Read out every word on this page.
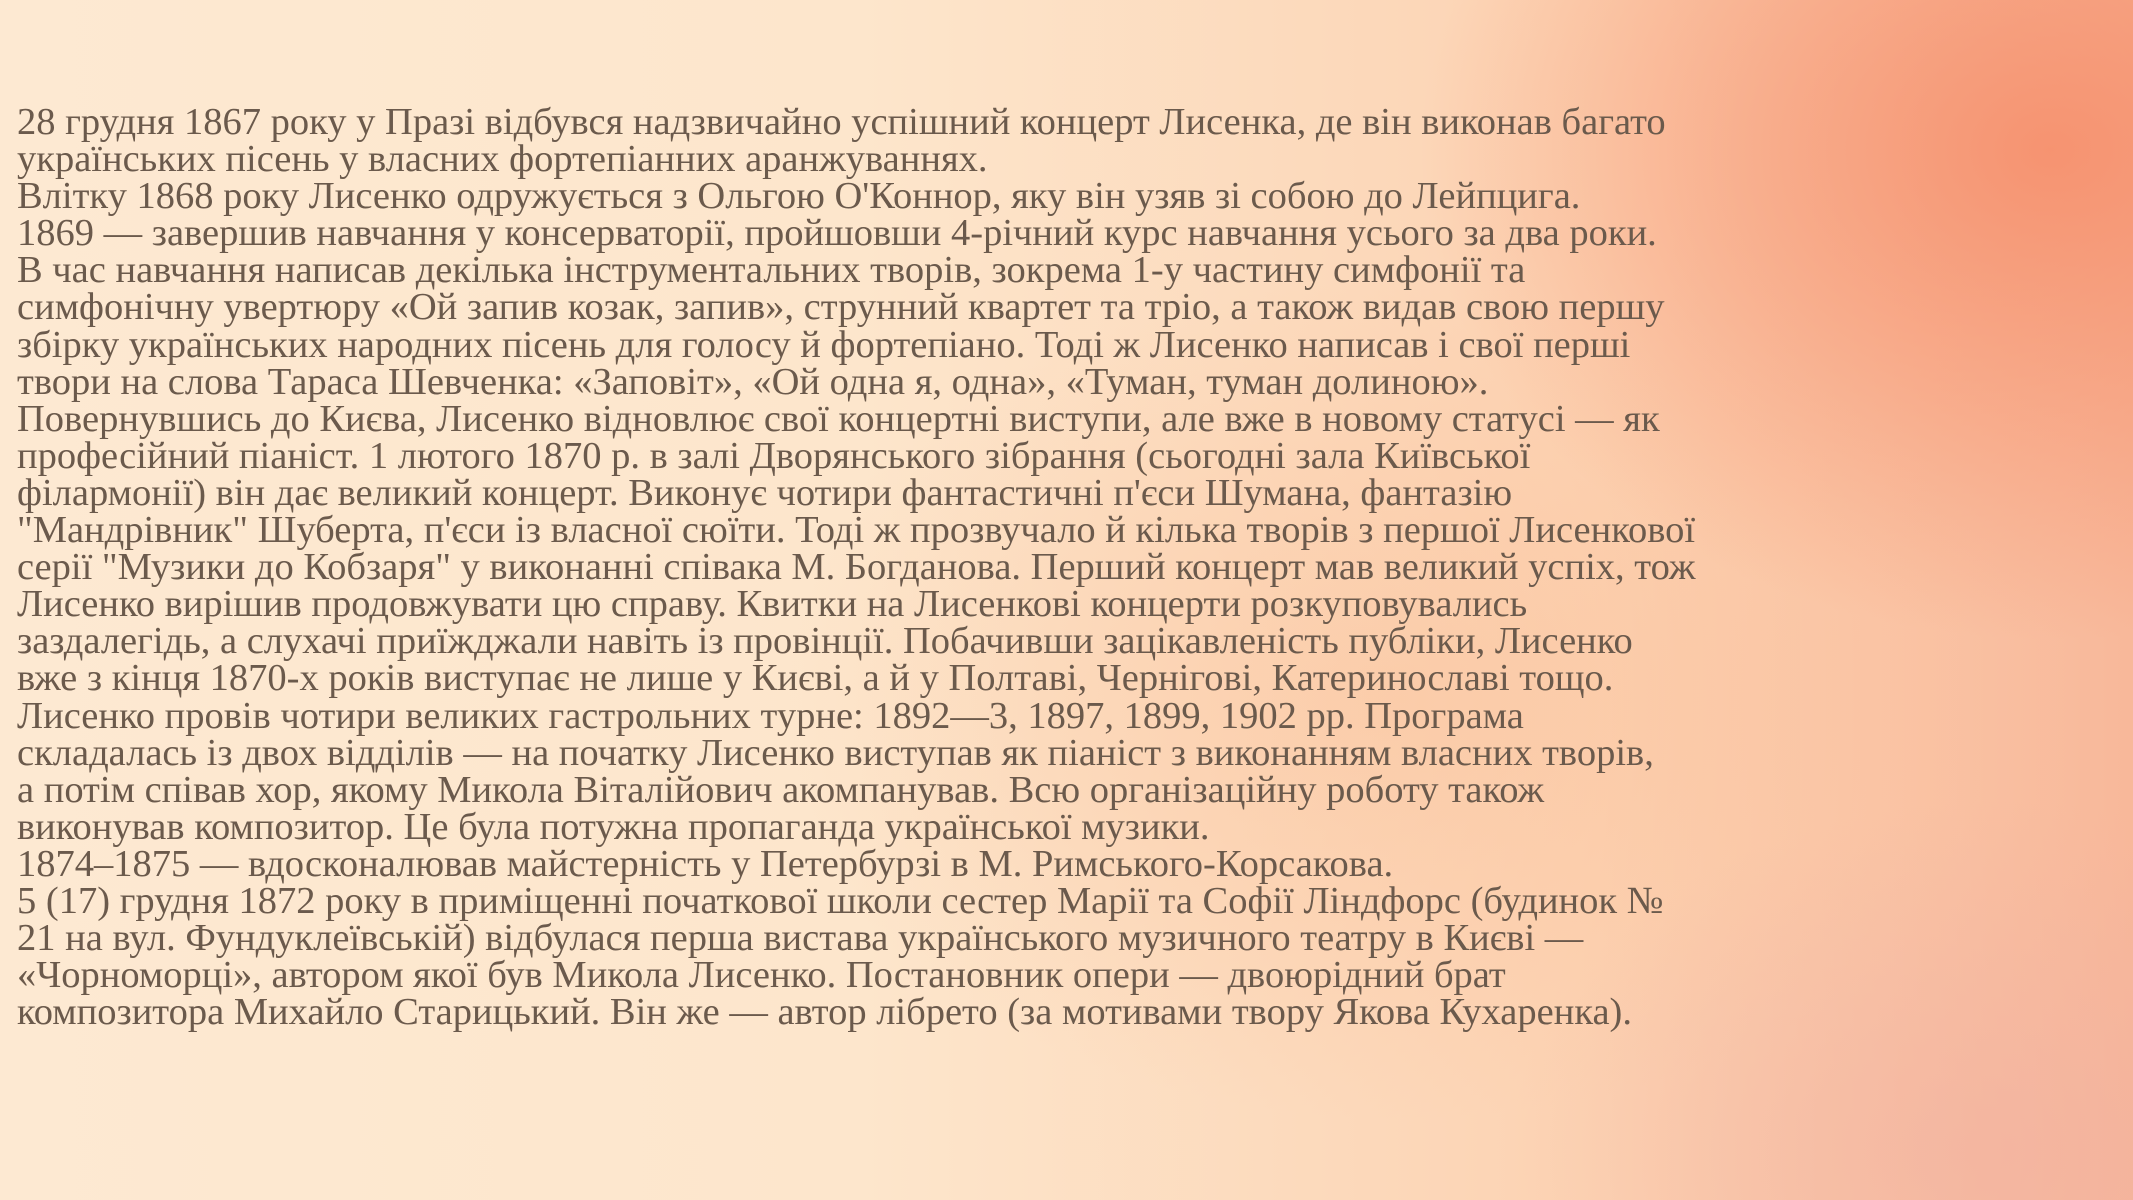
28 грудня 1867 року у Празі відбувся надзвичайно успішний концерт Лисенка, де він виконав багато
українських пісень у власних фортепіанних аранжуваннях.
Влітку 1868 року Лисенко одружується з Ольгою О'Коннор, яку він узяв зі собою до Лейпцига.
1869 — завершив навчання у консерваторії, пройшовши 4-річний курс навчання усього за два роки.
В час навчання написав декілька інструментальних творів, зокрема 1-у частину симфонії та
симфонічну увертюру «Ой запив козак, запив», струнний квартет та тріо, а також видав свою першу
збірку українських народних пісень для голосу й фортепіано. Тоді ж Лисенко написав і свої перші
твори на слова Тараса Шевченка: «Заповіт», «Ой одна я, одна», «Туман, туман долиною».
Повернувшись до Києва, Лисенко відновлює свої концертні виступи, але вже в новому статусі — як
професійний піаніст. 1 лютого 1870 р. в залі Дворянського зібрання (сьогодні зала Київської
філармонії) він дає великий концерт. Виконує чотири фантастичні п'єси Шумана, фантазію
"Мандрівник" Шуберта, п'єси із власної сюїти. Тоді ж прозвучало й кілька творів з першої Лисенкової
серії "Музики до Кобзаря" у виконанні співака М. Богданова. Перший концерт мав великий успіх, тож
Лисенко вирішив продовжувати цю справу. Квитки на Лисенкові концерти розкуповувались
заздалегідь, а слухачі приїжджали навіть із провінції. Побачивши зацікавленість публіки, Лисенко
вже з кінця 1870-х років виступає не лише у Києві, а й у Полтаві, Чернігові, Катеринославі тощо.
Лисенко провів чотири великих гастрольних турне: 1892—3, 1897, 1899, 1902 рр. Програма
складалась із двох відділів — на початку Лисенко виступав як піаніст з виконанням власних творів,
а потім співав хор, якому Микола Віталійович акомпанував. Всю організаційну роботу також
виконував композитор. Це була потужна пропаганда української музики.
1874–1875 — вдосконалював майстерність у Петербурзі в М. Римського-Корсакова.
5 (17) грудня 1872 року в приміщенні початкової школи сестер Марії та Софії Ліндфорс (будинок №
21 на вул. Фундуклеївській) відбулася перша вистава українського музичного театру в Києві —
«Чорноморці», автором якої був Микола Лисенко. Постановник опери — двоюрідний брат
композитора Михайло Старицький. Він же — автор лібрето (за мотивами твору Якова Кухаренка).
